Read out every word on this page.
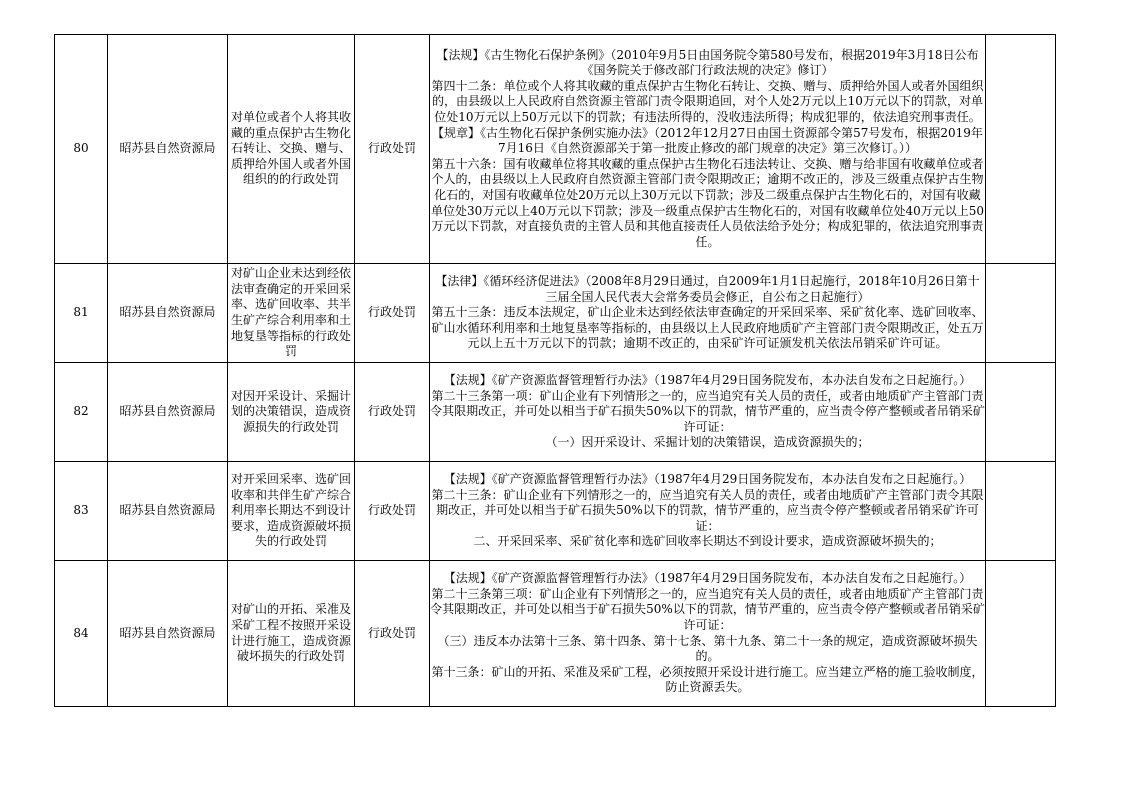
80	昭苏县自然资源局	对单位或者个人将其收藏的重点保护古生物化石转让、交换、赠与、质押给外国人或者外国组织的的行政处罚	行政处罚	【法规】《古生物化石保护条例》（2010年9月5日由国务院令第580号发布，根据2019年3月18日公布《国务院关于修改部门行政法规的决定》修订）

第四十二条：单位或个人将其收藏的重点保护古生物化石转让、交换、赠与、质押给外国人或者外国组织的，由县级以上人民政府自然资源主管部门责令限期追回，对个人处2万元以上10万元以下的罚款，对单位处10万元以上50万元以下的罚款；有违法所得的，没收违法所得；构成犯罪的，依法追究刑事责任。

【规章】《古生物化石保护条例实施办法》（2012年12月27日由国土资源部令第57号发布，根据2019年7月16日《自然资源部关于第一批废止修改的部门规章的决定》第三次修订。））

第五十六条：国有收藏单位将其收藏的重点保护古生物化石违法转让、交换、赠与给非国有收藏单位或者个人的，由县级以上人民政府自然资源主管部门责令限期改正；逾期不改正的，涉及三级重点保护古生物化石的，对国有收藏单位处20万元以上30万元以下罚款；涉及二级重点保护古生物化石的，对国有收藏单位处30万元以上40万元以下罚款；涉及一级重点保护古生物化石的，对国有收藏单位处40万元以上50万元以下罚款，对直接负责的主管人员和其他直接责任人员依法给予处分；构成犯罪的，依法追究刑事责任。	

81	昭苏县自然资源局	对矿山企业未达到经依法审查确定的开采回采率、选矿回收率、共半生矿产综合利用率和土地复垦等指标的行政处罚	行政处罚	【法律】《循环经济促进法》（2008年8月29日通过，自2009年1月1日起施行，2018年10月26日第十三届全国人民代表大会常务委员会修正，自公布之日起施行）

第五十三条：违反本法规定，矿山企业未达到经依法审查确定的开采回采率、采矿贫化率、选矿回收率、矿山水循环利用率和土地复垦率等指标的，由县级以上人民政府地质矿产主管部门责令限期改正，处五万元以上五十万元以下的罚款；逾期不改正的，由采矿许可证颁发机关依法吊销采矿许可证。	

82	昭苏县自然资源局	对因开采设计、采掘计划的决策错误，造成资源损失的行政处罚	行政处罚	【法规】《矿产资源监督管理暂行办法》（1987年4月29日国务院发布，本办法自发布之日起施行。）

第二十三条第一项：矿山企业有下列情形之一的，应当追究有关人员的责任，或者由地质矿产主管部门责令其限期改正，并可处以相当于矿石损失50%以下的罚款，情节严重的，应当责令停产整顿或者吊销采矿许可证：

（一）因开采设计、采掘计划的决策错误，造成资源损失的；	

83	昭苏县自然资源局	对开采回采率、选矿回收率和共伴生矿产综合利用率长期达不到设计要求，造成资源破坏损失的行政处罚	行政处罚	【法规】《矿产资源监督管理暂行办法》（1987年4月29日国务院发布，本办法自发布之日起施行。）

第二十三条：矿山企业有下列情形之一的，应当追究有关人员的责任，或者由地质矿产主管部门责令其限期改正，并可处以相当于矿石损失50%以下的罚款，情节严重的，应当责令停产整顿或者吊销采矿许可证：

二、开采回采率、采矿贫化率和选矿回收率长期达不到设计要求，造成资源破坏损失的；	

84	昭苏县自然资源局	对矿山的开拓、采准及采矿工程不按照开采设计进行施工，造成资源破坏损失的行政处罚	行政处罚	【法规】《矿产资源监督管理暂行办法》（1987年4月29日国务院发布，本办法自发布之日起施行。）

第二十三条第三项：矿山企业有下列情形之一的，应当追究有关人员的责任，或者由地质矿产主管部门责令其限期改正，并可处以相当于矿石损失50%以下的罚款，情节严重的，应当责令停产整顿或者吊销采矿许可证：

（三）违反本办法第十三条、第十四条、第十七条、第十九条、第二十一条的规定，造成资源破坏损失的。

第十三条：矿山的开拓、采准及采矿工程，必须按照开采设计进行施工。应当建立严格的施工验收制度，防止资源丢失。	
